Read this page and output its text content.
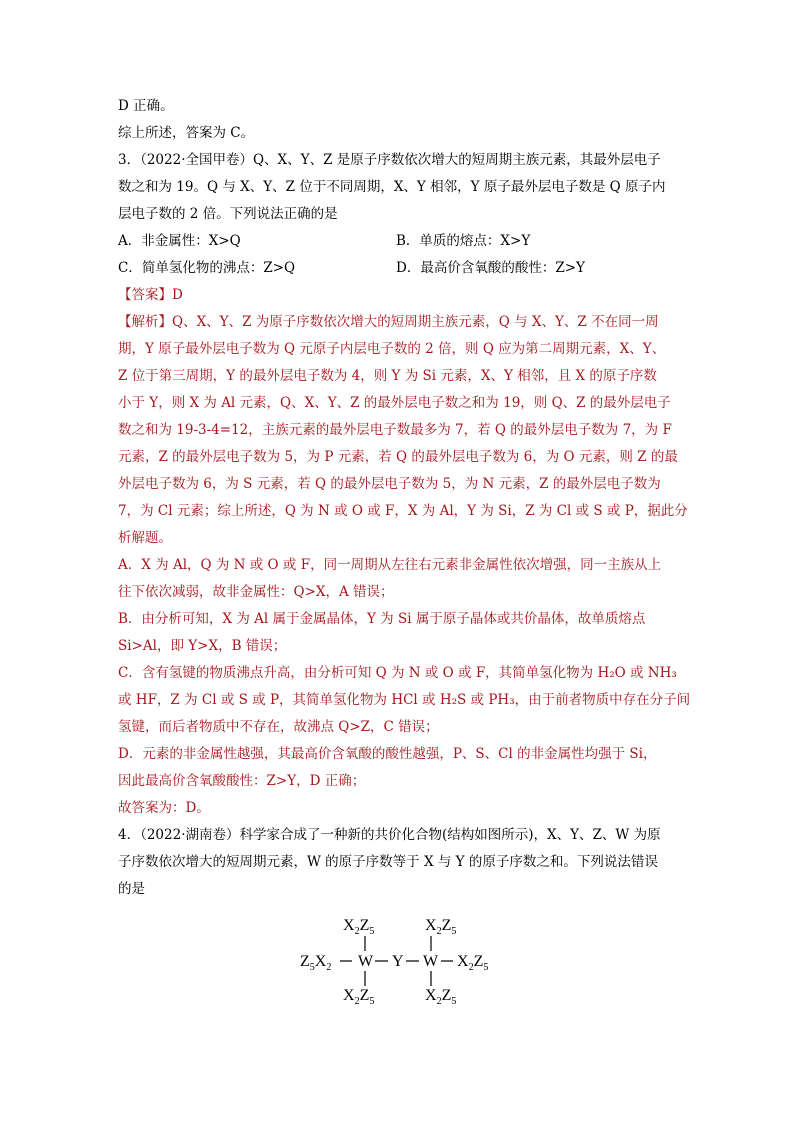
D 正确。
综上所述，答案为 C。
3．（2022·全国甲卷）Q、X、Y、Z 是原子序数依次增大的短周期主族元素，其最外层电子
数之和为 19。Q 与 X、Y、Z 位于不同周期，X、Y 相邻，Y 原子最外层电子数是 Q 原子内
层电子数的 2 倍。下列说法正确的是
A．非金属性：X>Q	B．单质的熔点：X>Y
C．简单氢化物的沸点：Z>Q	D．最高价含氧酸的酸性：Z>Y
【答案】D
【解析】Q、X、Y、Z 为原子序数依次增大的短周期主族元素，Q 与 X、Y、Z 不在同一周
期，Y 原子最外层电子数为 Q 元原子内层电子数的 2 倍，则 Q 应为第二周期元素，X、Y、
Z 位于第三周期，Y 的最外层电子数为 4，则 Y 为 Si 元素，X、Y 相邻，且 X 的原子序数
小于 Y，则 X 为 Al 元素，Q、X、Y、Z 的最外层电子数之和为 19，则 Q、Z 的最外层电子
数之和为 19-3-4=12，主族元素的最外层电子数最多为 7，若 Q 的最外层电子数为 7，为 F
元素，Z 的最外层电子数为 5，为 P 元素，若 Q 的最外层电子数为 6，为 O 元素，则 Z 的最
外层电子数为 6，为 S 元素，若 Q 的最外层电子数为 5，为 N 元素，Z 的最外层电子数为
7，为 Cl 元素；综上所述，Q 为 N 或 O 或 F，X 为 Al，Y 为 Si，Z 为 Cl 或 S 或 P，据此分
析解题。
A．X 为 Al，Q 为 N 或 O 或 F，同一周期从左往右元素非金属性依次增强，同一主族从上
往下依次减弱，故非金属性：Q>X，A 错误；
B．由分析可知，X 为 Al 属于金属晶体，Y 为 Si 属于原子晶体或共价晶体，故单质熔点
Si>Al，即 Y>X，B 错误；
C．含有氢键的物质沸点升高，由分析可知 Q 为 N 或 O 或 F，其简单氢化物为 H₂O 或 NH₃
或 HF，Z 为 Cl 或 S 或 P，其简单氢化物为 HCl 或 H₂S 或 PH₃，由于前者物质中存在分子间
氢键，而后者物质中不存在，故沸点 Q>Z，C 错误；
D．元素的非金属性越强，其最高价含氧酸的酸性越强，P、S、Cl 的非金属性均强于 Si，
因此最高价含氧酸酸性：Z>Y，D 正确；
故答案为：D。
4．（2022·湖南卷）科学家合成了一种新的共价化合物(结构如图所示)，X、Y、Z、W 为原
子序数依次增大的短周期元素，W 的原子序数等于 X 与 Y 的原子序数之和。下列说法错误
的是
$X_2Z_5$	$X_2Z_5$
$Z_5X_2$ W Y W $X_2Z_5$
$X_2Z_5$	$X_2Z_5$
